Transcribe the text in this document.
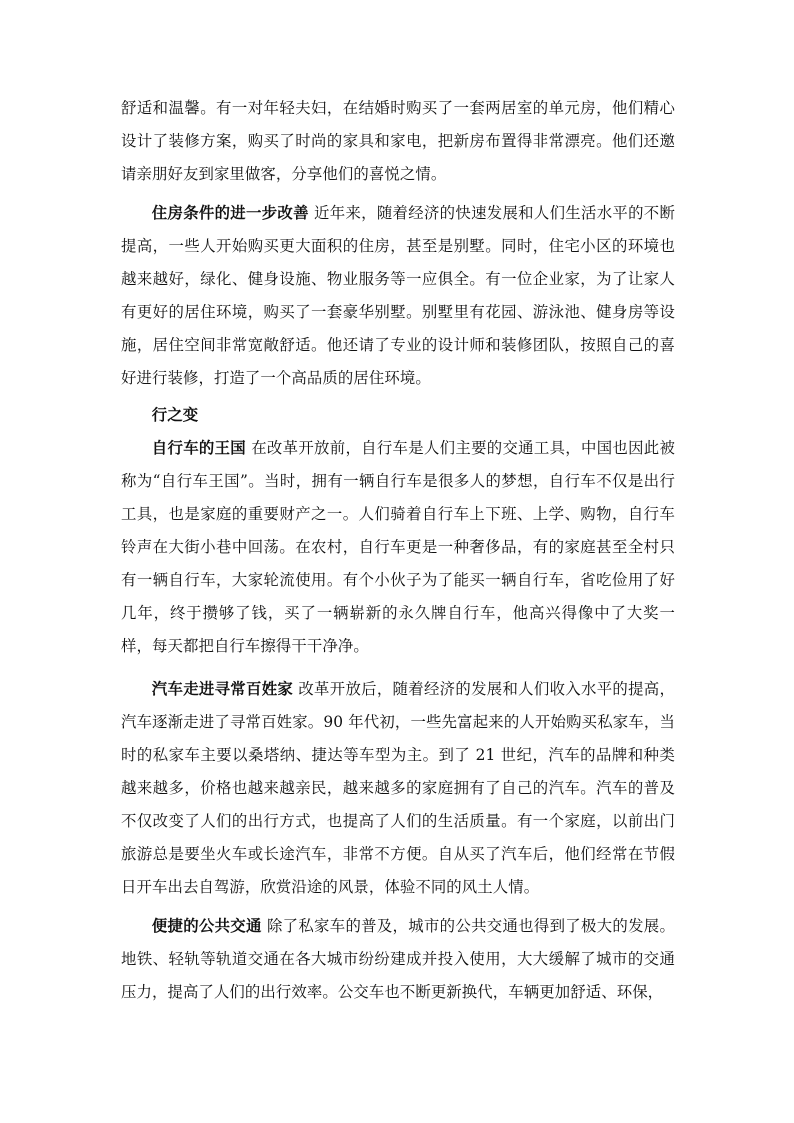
舒适和温馨。有一对年轻夫妇，在结婚时购买了一套两居室的单元房，他们精心设计了装修方案，购买了时尚的家具和家电，把新房布置得非常漂亮。他们还邀请亲朋好友到家里做客，分享他们的喜悦之情。

住房条件的进一步改善 近年来，随着经济的快速发展和人们生活水平的不断提高，一些人开始购买更大面积的住房，甚至是别墅。同时，住宅小区的环境也越来越好，绿化、健身设施、物业服务等一应俱全。有一位企业家，为了让家人有更好的居住环境，购买了一套豪华别墅。别墅里有花园、游泳池、健身房等设施，居住空间非常宽敞舒适。他还请了专业的设计师和装修团队，按照自己的喜好进行装修，打造了一个高品质的居住环境。

行之变

自行车的王国 在改革开放前，自行车是人们主要的交通工具，中国也因此被称为“自行车王国”。当时，拥有一辆自行车是很多人的梦想，自行车不仅是出行工具，也是家庭的重要财产之一。人们骑着自行车上下班、上学、购物，自行车铃声在大街小巷中回荡。在农村，自行车更是一种奢侈品，有的家庭甚至全村只有一辆自行车，大家轮流使用。有个小伙子为了能买一辆自行车，省吃俭用了好几年，终于攒够了钱，买了一辆崭新的永久牌自行车，他高兴得像中了大奖一样，每天都把自行车擦得干干净净。

汽车走进寻常百姓家 改革开放后，随着经济的发展和人们收入水平的提高，汽车逐渐走进了寻常百姓家。90 年代初，一些先富起来的人开始购买私家车，当时的私家车主要以桑塔纳、捷达等车型为主。到了 21 世纪，汽车的品牌和种类越来越多，价格也越来越亲民，越来越多的家庭拥有了自己的汽车。汽车的普及不仅改变了人们的出行方式，也提高了人们的生活质量。有一个家庭，以前出门旅游总是要坐火车或长途汽车，非常不方便。自从买了汽车后，他们经常在节假日开车出去自驾游，欣赏沿途的风景，体验不同的风土人情。

便捷的公共交通 除了私家车的普及，城市的公共交通也得到了极大的发展。地铁、轻轨等轨道交通在各大城市纷纷建成并投入使用，大大缓解了城市的交通压力，提高了人们的出行效率。公交车也不断更新换代，车辆更加舒适、环保，
